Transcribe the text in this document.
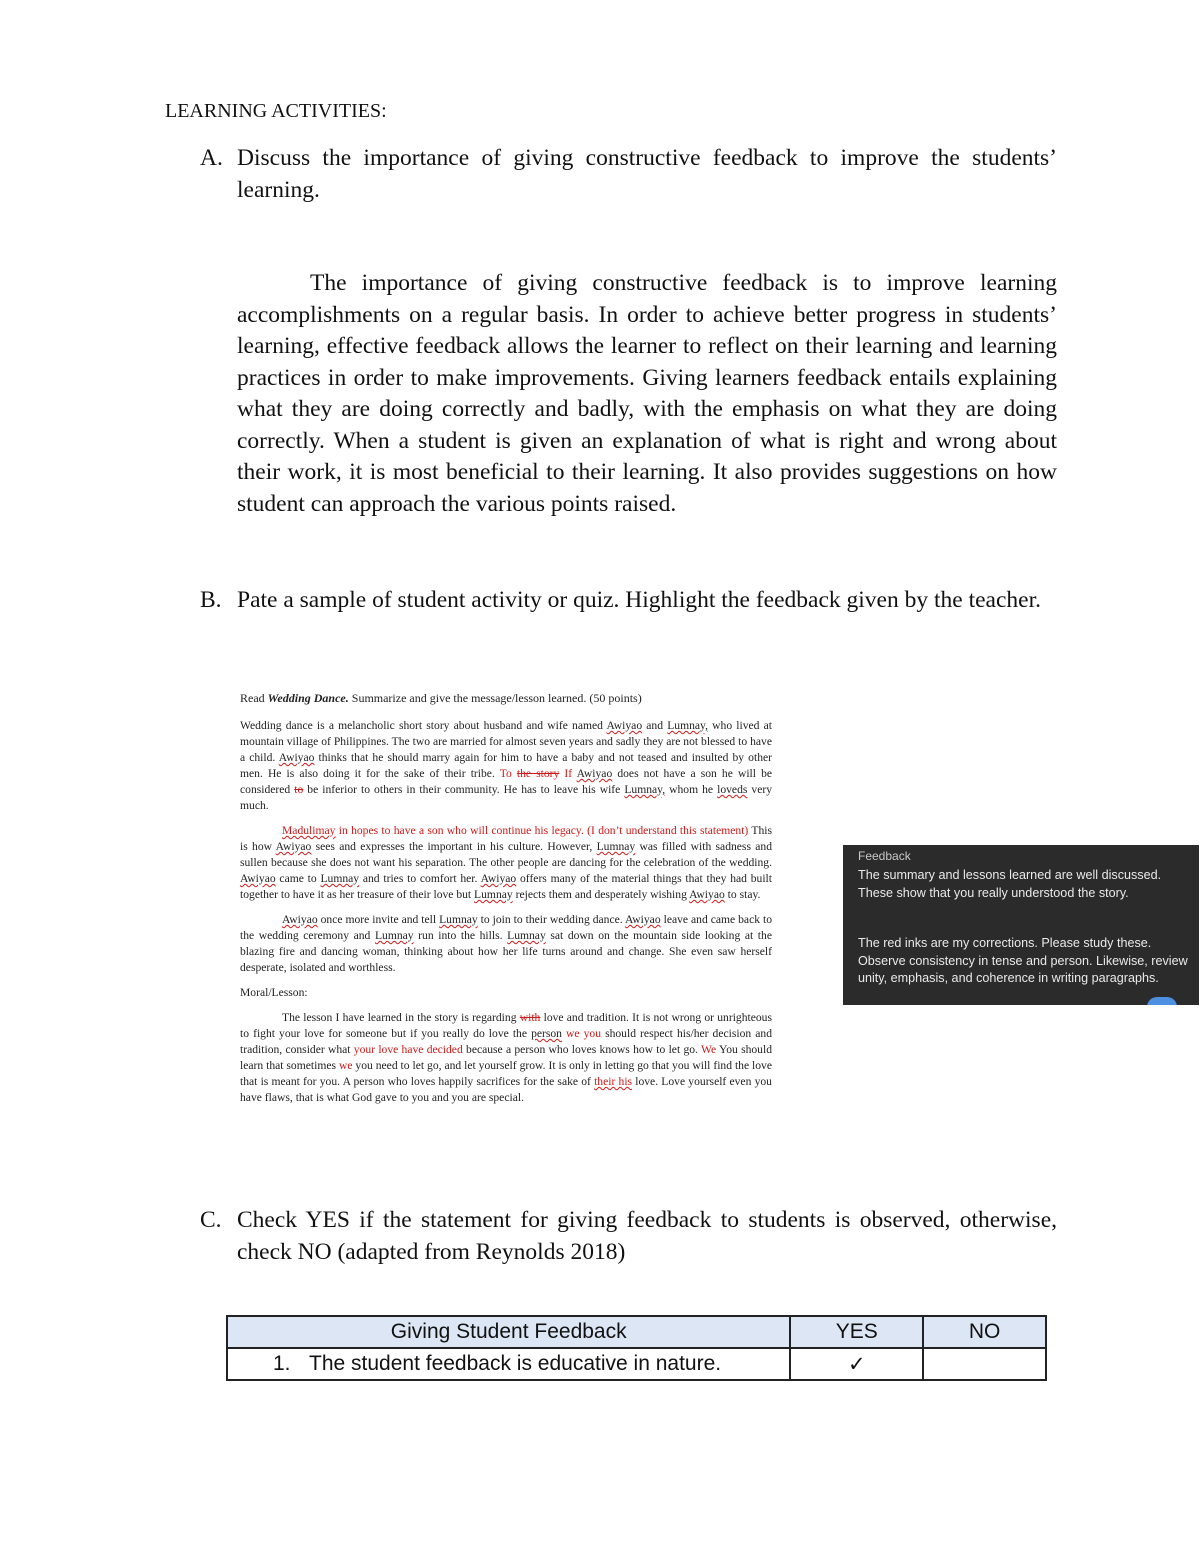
LEARNING ACTIVITIES:
A. Discuss the importance of giving constructive feedback to improve the students’ learning.
The importance of giving constructive feedback is to improve learning accomplishments on a regular basis. In order to achieve better progress in students’ learning, effective feedback allows the learner to reflect on their learning and learning practices in order to make improvements. Giving learners feedback entails explaining what they are doing correctly and badly, with the emphasis on what they are doing correctly. When a student is given an explanation of what is right and wrong about their work, it is most beneficial to their learning. It also provides suggestions on how student can approach the various points raised.
B. Pate a sample of student activity or quiz. Highlight the feedback given by the teacher.
Read Wedding Dance. Summarize and give the message/lesson learned. (50 points)

Wedding dance is a melancholic short story about husband and wife named Awiyao and Lumnay, who lived at mountain village of Philippines. The two are married for almost seven years and sadly they are not blessed to have a child. Awiyao thinks that he should marry again for him to have a baby and not teased and insulted by other men. He is also doing it for the sake of their tribe. To the story If Awiyao does not have a son he will be considered to be inferior to others in their community. He has to leave his wife Lumnay, whom he loveds very much.

Madulimay in hopes to have a son who will continue his legacy. (I don’t understand this statement) This is how Awiyao sees and expresses the important in his culture. However, Lumnay was filled with sadness and sullen because she does not want his separation. The other people are dancing for the celebration of the wedding. Awiyao came to Lumnay and tries to comfort her. Awiyao offers many of the material things that they had built together to have it as her treasure of their love but Lumnay rejects them and desperately wishing Awiyao to stay.

Awiyao once more invite and tell Lumnay to join to their wedding dance. Awiyao leave and came back to the wedding ceremony and Lumnay run into the hills. Lumnay sat down on the mountain side looking at the blazing fire and dancing woman, thinking about how her life turns around and change. She even saw herself desperate, isolated and worthless.

Moral/Lesson:

The lesson I have learned in the story is regarding with love and tradition. It is not wrong or unrighteous to fight your love for someone but if you really do love the person we you should respect his/her decision and tradition, consider what your love have decided because a person who loves knows how to let go. We You should learn that sometimes we you need to let go, and let yourself grow. It is only in letting go that you will find the love that is meant for you. A person who loves happily sacrifices for the sake of their his love. Love yourself even you have flaws, that is what God gave to you and you are special.

Feedback
The summary and lessons learned are well discussed. These show that you really understood the story.
The red inks are my corrections. Please study these. Observe consistency in tense and person. Likewise, review unity, emphasis, and coherence in writing paragraphs.
C. Check YES if the statement for giving feedback to students is observed, otherwise, check NO (adapted from Reynolds 2018)
Giving Student Feedback	YES	NO
1. The student feedback is educative in nature.	✓	
